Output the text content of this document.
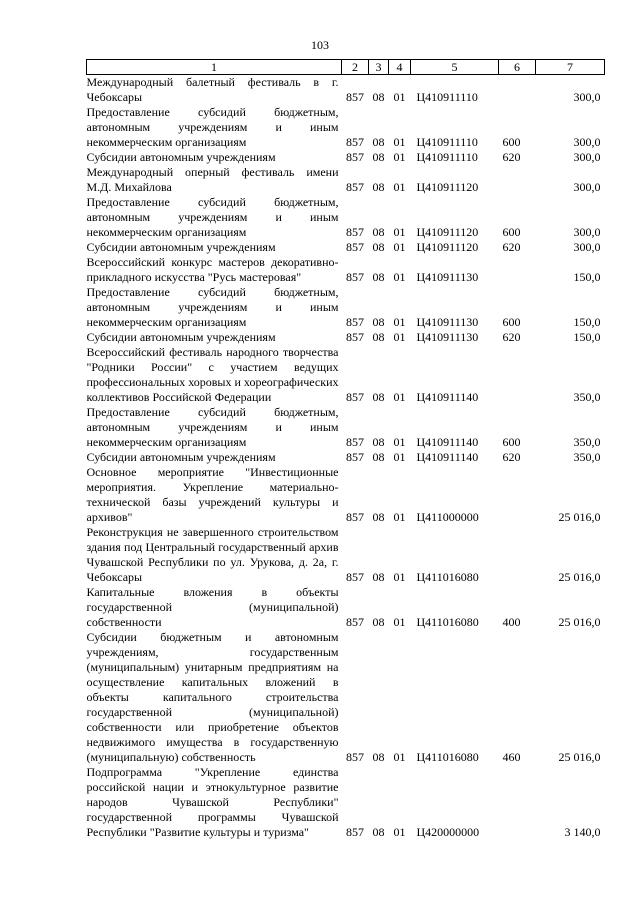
103
1	2	3	4	5	6	7
Международный балетный фестиваль в г. Чебоксары	857	08	01	Ц410911110		300,0
Предоставление субсидий бюджетным, автономным учреждениям и иным некоммерческим организациям	857	08	01	Ц410911110	600	300,0
Субсидии автономным учреждениям	857	08	01	Ц410911110	620	300,0
Международный оперный фестиваль имени М.Д. Михайлова	857	08	01	Ц410911120		300,0
Предоставление субсидий бюджетным, автономным учреждениям и иным некоммерческим организациям	857	08	01	Ц410911120	600	300,0
Субсидии автономным учреждениям	857	08	01	Ц410911120	620	300,0
Всероссийский конкурс мастеров декоративно-прикладного искусства "Русь мастеровая"	857	08	01	Ц410911130		150,0
Предоставление субсидий бюджетным, автономным учреждениям и иным некоммерческим организациям	857	08	01	Ц410911130	600	150,0
Субсидии автономным учреждениям	857	08	01	Ц410911130	620	150,0
Всероссийский фестиваль народного творчества "Родники России" с участием ведущих профессиональных хоровых и хореографических коллективов Российской Федерации	857	08	01	Ц410911140		350,0
Предоставление субсидий бюджетным, автономным учреждениям и иным некоммерческим организациям	857	08	01	Ц410911140	600	350,0
Субсидии автономным учреждениям	857	08	01	Ц410911140	620	350,0
Основное мероприятие "Инвестиционные мероприятия. Укрепление материально-технической базы учреждений культуры и архивов"	857	08	01	Ц411000000		25 016,0
Реконструкция не завершенного строительством здания под Центральный государственный архив Чувашской Республики по ул. Урукова, д. 2а, г. Чебоксары	857	08	01	Ц411016080		25 016,0
Капитальные вложения в объекты государственной (муниципальной) собственности	857	08	01	Ц411016080	400	25 016,0
Субсидии бюджетным и автономным учреждениям, государственным (муниципальным) унитарным предприятиям на осуществление капитальных вложений в объекты капитального строительства государственной (муниципальной) собственности или приобретение объектов недвижимого имущества в государственную (муниципальную) собственность	857	08	01	Ц411016080	460	25 016,0
Подпрограмма "Укрепление единства российской нации и этнокультурное развитие народов Чувашской Республики" государственной программы Чувашской Республики "Развитие культуры и туризма"	857	08	01	Ц420000000		3 140,0
